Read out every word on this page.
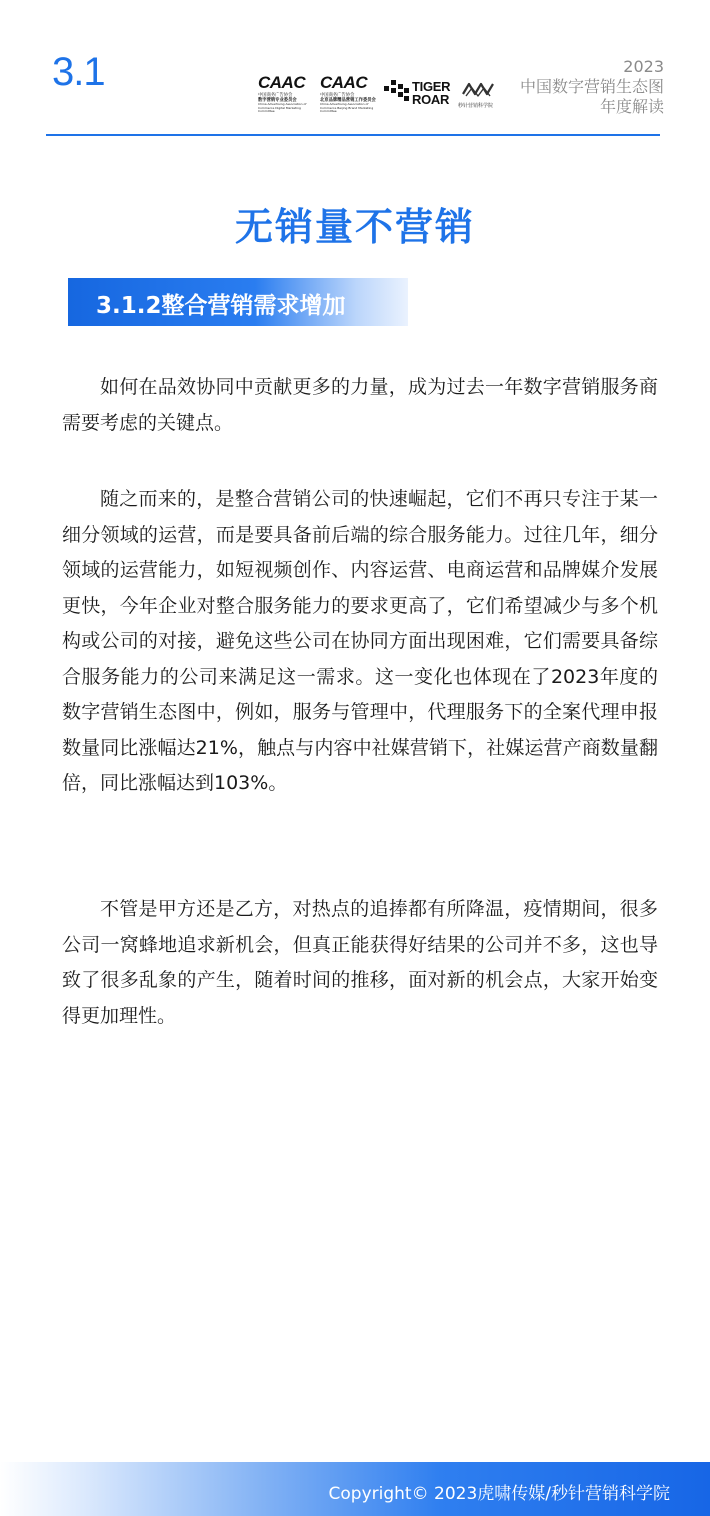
3.1	CAAC
中国商务广告协会
数字营销专业委员会
China Advertising Association of Commerce Digital Marketing Committee
CAAC
中国商务广告协会
北京品牌精品营销工作委员会
China Advertising Association of Commerce Beijing Brand Marketing Committee
TIGER
ROAR 秒针营销科学院
2023
中国数字营销生态图
年度解读
无销量不营销
3.1.2整合营销需求增加

如何在品效协同中贡献更多的力量，成为过去一年数字营销服务商需要考虑的关键点。

随之而来的，是整合营销公司的快速崛起，它们不再只专注于某一细分领域的运营，而是要具备前后端的综合服务能力。过往几年，细分领域的运营能力，如短视频创作、内容运营、电商运营和品牌媒介发展更快，今年企业对整合服务能力的要求更高了，它们希望减少与多个机构或公司的对接，避免这些公司在协同方面出现困难，它们需要具备综合服务能力的公司来满足这一需求。这一变化也体现在了2023年度的数字营销生态图中，例如，服务与管理中，代理服务下的全案代理申报数量同比涨幅达21%，触点与内容中社媒营销下，社媒运营产商数量翻倍，同比涨幅达到103%。

不管是甲方还是乙方，对热点的追捧都有所降温，疫情期间，很多公司一窝蜂地追求新机会，但真正能获得好结果的公司并不多，这也导致了很多乱象的产生，随着时间的推移，面对新的机会点，大家开始变得更加理性。

Copyright© 2023虎啸传媒/秒针营销科学院
